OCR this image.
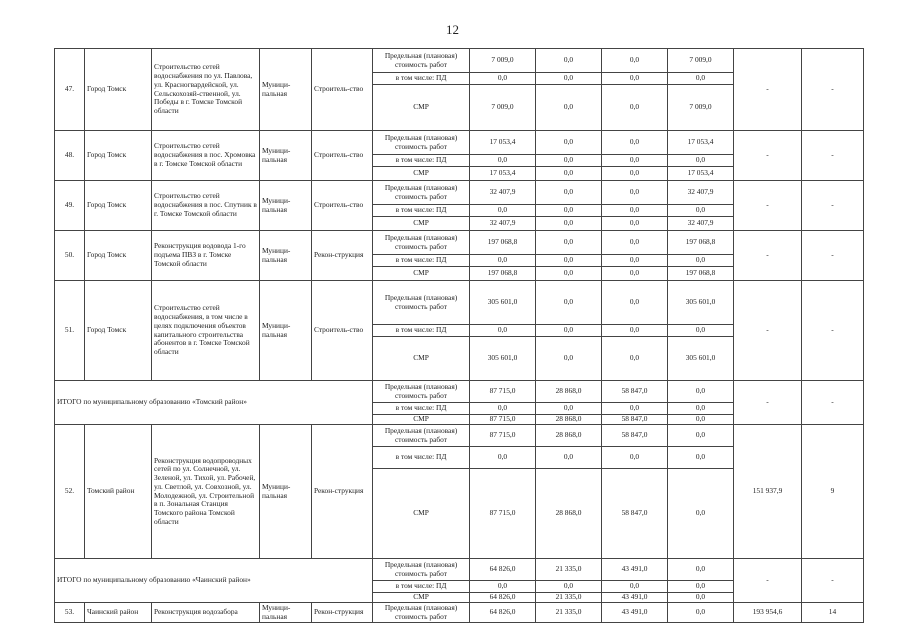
12
47.	Город Томск	Строительство сетей водоснабжения по ул. Павлова, ул. Красногвардейской, ул. Сельскохозяй-ственной, ул. Победы в г. Томске Томской области	Муници-пальная	Строитель-ство	Предельная (плановая) стоимость работ	7 009,0	0,0	0,0	7 009,0	-	-
					в том числе: ПД	0,0	0,0	0,0	0,0		
					СМР	7 009,0	0,0	0,0	7 009,0		
48.	Город Томск	Строительство сетей водоснабжения в пос. Хромовка в г. Томске Томской области	Муници-пальная	Строитель-ство	Предельная (плановая) стоимость работ	17 053,4	0,0	0,0	17 053,4	-	-
					в том числе: ПД	0,0	0,0	0,0	0,0		
					СМР	17 053,4	0,0	0,0	17 053,4		
49.	Город Томск	Строительство сетей водоснабжения в пос. Спутник в г. Томске Томской области	Муници-пальная	Строитель-ство	Предельная (плановая) стоимость работ	32 407,9	0,0	0,0	32 407,9	-	-
					в том числе: ПД	0,0	0,0	0,0	0,0		
					СМР	32 407,9	0,0	0,0	32 407,9		
50.	Город Томск	Реконструкция водовода 1-го подъема ПВЗ в г. Томске Томской области	Муници-пальная	Рекон-струкция	Предельная (плановая) стоимость работ	197 068,8	0,0	0,0	197 068,8	-	-
					в том числе: ПД	0,0	0,0	0,0	0,0		
					СМР	197 068,8	0,0	0,0	197 068,8		
51.	Город Томск	Строительство сетей водоснабжения, в том числе в целях подключения объектов капитального строительства абонентов в г. Томске Томской области	Муници-пальная	Строитель-ство	Предельная (плановая) стоимость работ	305 601,0	0,0	0,0	305 601,0	-	-
					в том числе: ПД	0,0	0,0	0,0	0,0		
					СМР	305 601,0	0,0	0,0	305 601,0		
ИТОГО по муниципальному образованию «Томский район»					Предельная (плановая) стоимость работ	87 715,0	28 868,0	58 847,0	0,0	-	-
					в том числе: ПД	0,0	0,0	0,0	0,0		
					СМР	87 715,0	28 868,0	58 847,0	0,0		
52.	Томский район	Реконструкция водопроводных сетей по ул. Солнечной, ул. Зеленой, ул. Тихой, ул. Рабочей, ул. Светлой, ул. Совхозной, ул. Молодежной, ул. Строительной в п. Зональная Станция Томского района Томской области	Муници-пальная	Рекон-струкция	Предельная (плановая) стоимость работ	87 715,0	28 868,0	58 847,0	0,0	151 937,9	9
					в том числе: ПД	0,0	0,0	0,0	0,0		
					СМР	87 715,0	28 868,0	58 847,0	0,0		
ИТОГО по муниципальному образованию «Чаинский район»					Предельная (плановая) стоимость работ	64 826,0	21 335,0	43 491,0	0,0	-	-
					в том числе: ПД	0,0	0,0	0,0	0,0		
					СМР	64 826,0	21 335,0	43 491,0	0,0		
53.	Чаинский район	Реконструкция водозабора	Муници-пальная	Рекон-струкция	Предельная (плановая) стоимость работ	64 826,0	21 335,0	43 491,0	0,0	193 954,6	14
